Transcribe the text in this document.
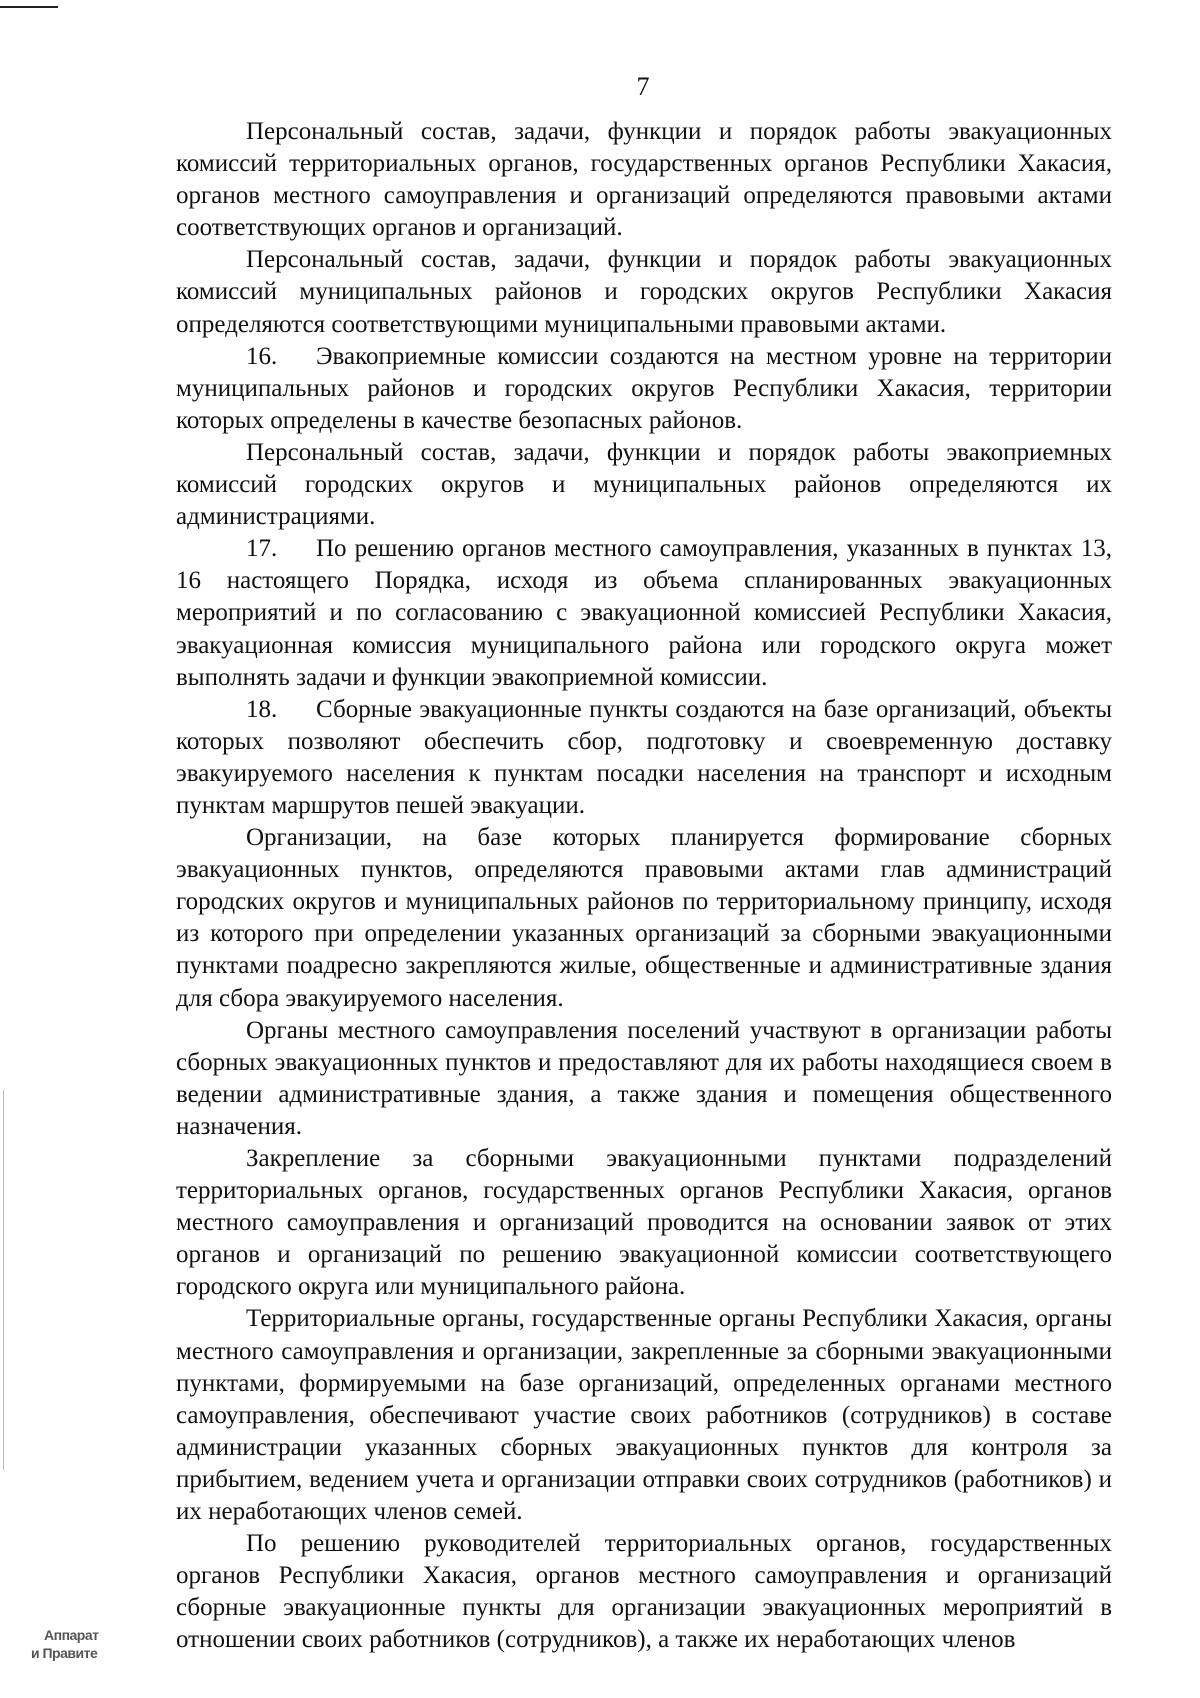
7

Персональный состав, задачи, функции и порядок работы эвакуационных комиссий территориальных органов, государственных органов Республики Хакасия, органов местного самоуправления и организаций определяются правовыми актами соответствующих органов и организаций.

Персональный состав, задачи, функции и порядок работы эвакуационных комиссий муниципальных районов и городских округов Республики Хакасия определяются соответствующими муниципальными правовыми актами.

16. Эвакоприемные комиссии создаются на местном уровне на территории муниципальных районов и городских округов Республики Хакасия, территории которых определены в качестве безопасных районов.

Персональный состав, задачи, функции и порядок работы эвакоприемных комиссий городских округов и муниципальных районов определяются их администрациями.

17. По решению органов местного самоуправления, указанных в пунктах 13, 16 настоящего Порядка, исходя из объема спланированных эвакуационных мероприятий и по согласованию с эвакуационной комиссией Республики Хакасия, эвакуационная комиссия муниципального района или городского округа может выполнять задачи и функции эвакоприемной комиссии.

18. Сборные эвакуационные пункты создаются на базе организаций, объекты которых позволяют обеспечить сбор, подготовку и своевременную доставку эвакуируемого населения к пунктам посадки населения на транспорт и исходным пунктам маршрутов пешей эвакуации.

Организации, на базе которых планируется формирование сборных эвакуационных пунктов, определяются правовыми актами глав администраций городских округов и муниципальных районов по территориальному принципу, исходя из которого при определении указанных организаций за сборными эвакуационными пунктами поадресно закрепляются жилые, общественные и административные здания для сбора эвакуируемого населения.

Органы местного самоуправления поселений участвуют в организации работы сборных эвакуационных пунктов и предоставляют для их работы находящиеся своем в ведении административные здания, а также здания и помещения общественного назначения.

Закрепление за сборными эвакуационными пунктами подразделений территориальных органов, государственных органов Республики Хакасия, органов местного самоуправления и организаций проводится на основании заявок от этих органов и организаций по решению эвакуационной комиссии соответствующего городского округа или муниципального района.

Территориальные органы, государственные органы Республики Хакасия, органы местного самоуправления и организации, закрепленные за сборными эвакуационными пунктами, формируемыми на базе организаций, определенных органами местного самоуправления, обеспечивают участие своих работников (сотрудников) в составе администрации указанных сборных эвакуационных пунктов для контроля за прибытием, ведением учета и организации отправки своих сотрудников (работников) и их неработающих членов семей.

По решению руководителей территориальных органов, государственных органов Республики Хакасия, органов местного самоуправления и организаций сборные эвакуационные пункты для организации эвакуационных мероприятий в отношении своих работников (сотрудников), а также их неработающих членов

Аппарат
и Правите
